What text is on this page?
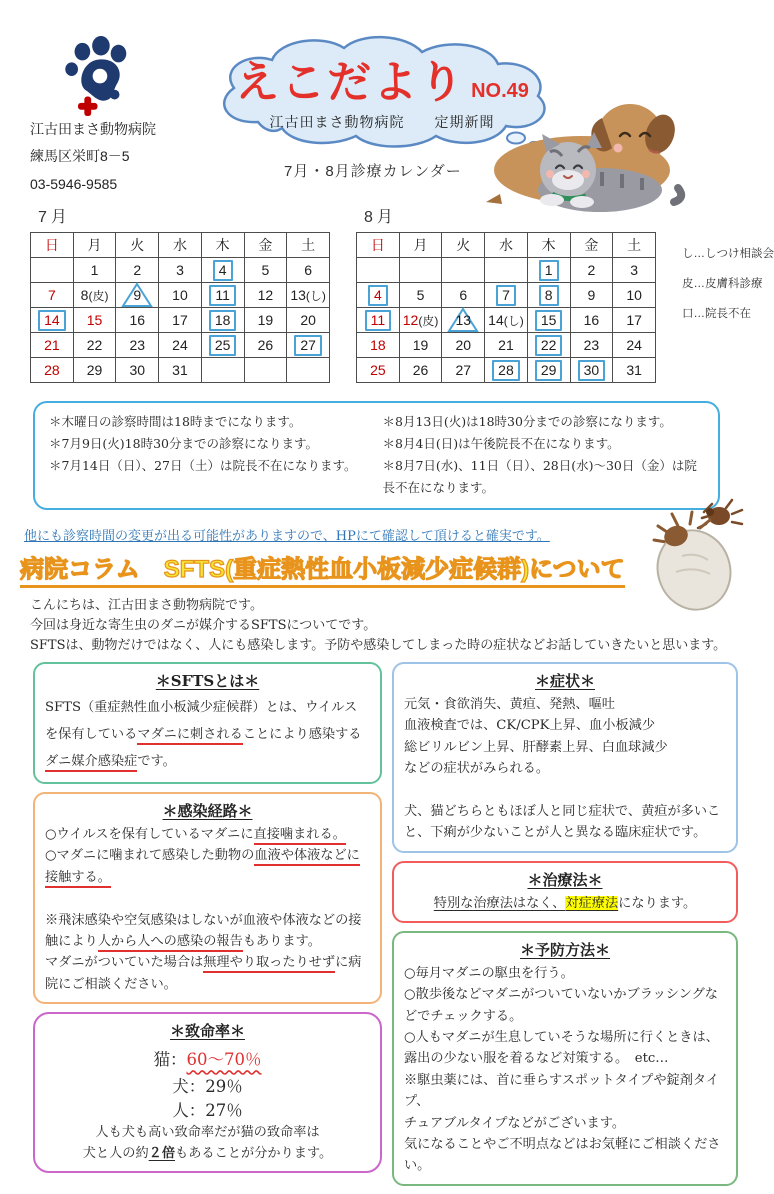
江古田まさ動物病院
練馬区栄町8－5
03-5946-9585
えこだより NO.49
江古田まさ動物病院　　定期新聞
7月・8月診療カレンダー
7月
日	月	火	水	木	金	土
	1	2	3	4	5	6
7	8(皮)	9	10	11	12	13(し)
14	15	16	17	18	19	20
21	22	23	24	25	26	27
28	29	30	31			
8月
日	月	火	水	木	金	土
				1	2	3
4	5	6	7	8	9	10
11	12(皮)	13	14(し)	15	16	17
18	19	20	21	22	23	24
25	26	27	28	29	30	31
し…しつけ相談会
皮…皮膚科診療
口…院長不在
＊木曜日の診察時間は18時までになります。
＊7月9日(火)18時30分までの診察になります。
＊7月14日（日）、27日（土）は院長不在になります。
＊8月13日(火)は18時30分までの診察になります。
＊8月4日(日)は午後院長不在になります。
＊8月7日(水)、11日（日）、28日(水)～30日（金）は院長不在になります。
他にも診察時間の変更が出る可能性がありますので、HPにて確認して頂けると確実です。
病院コラム　SFTS(重症熱性血小板減少症候群)について
こんにちは、江古田まさ動物病院です。
今回は身近な寄生虫のダニが媒介するSFTSについてです。
SFTSは、動物だけではなく、人にも感染します。予防や感染してしまった時の症状などお話していきたいと思います。
＊SFTSとは＊

SFTS（重症熱性血小板減少症候群）とは、ウイルスを保有しているマダニに刺されることにより感染するダニ媒介感染症です。

＊感染経路＊

○ウイルスを保有しているマダニに直接噛まれる。

○マダニに噛まれて感染した動物の血液や体液などに接触する。

※飛沫感染や空気感染はしないが血液や体液などの接触により人から人への感染の報告もあります。

マダニがついていた場合は無理やり取ったりせずに病院にご相談ください。

＊致命率＊

猫：60～70％

犬：29％

人：27％

人も犬も高い致命率だが猫の致命率は

犬と人の約２倍もあることが分かります。

＊症状＊

元気・食欲消失、黄疸、発熱、嘔吐

血液検査では、CK/CPK上昇、血小板減少

総ビリルビン上昇、肝酵素上昇、白血球減少

などの症状がみられる。

犬、猫どちらともほぼ人と同じ症状で、黄疸が多いこと、下痢が少ないことが人と異なる臨床症状です。

＊治療法＊

特別な治療法はなく、対症療法になります。

＊予防方法＊

○毎月マダニの駆虫を行う。

○散歩後などマダニがついていないかブラッシングなどでチェックする。

○人もマダニが生息していそうな場所に行くときは、

露出の少ない服を着るなど対策する。　etc…

※駆虫薬には、首に垂らすスポットタイプや錠剤タイプ、

チュアブルタイプなどがございます。

気になることやご不明点などはお気軽にご相談ください。
